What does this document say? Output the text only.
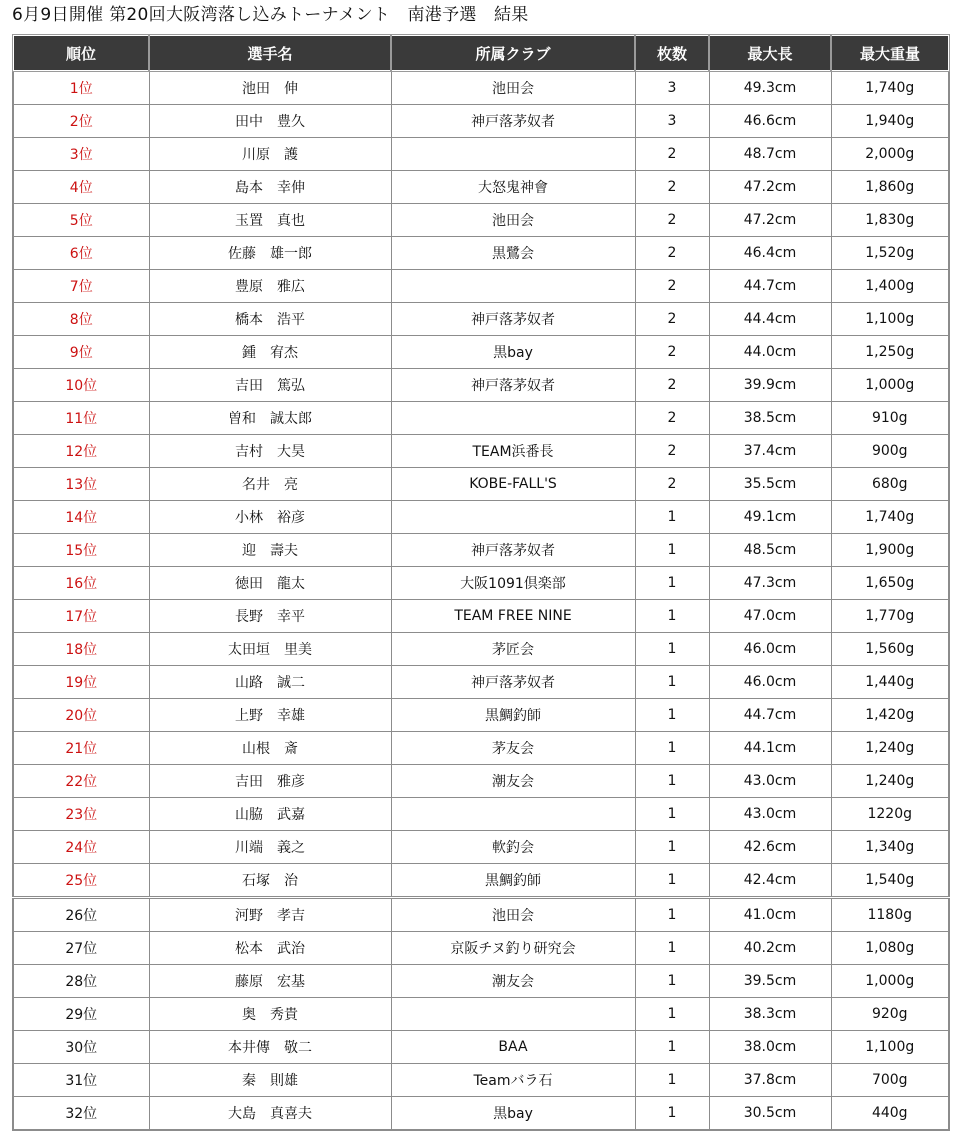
6月9日開催 第20回大阪湾落し込みトーナメント　南港予選　結果
順位	選手名	所属クラブ	枚数	最大長	最大重量
1位	池田　伸	池田会	3	49.3cm	1,740g
2位	田中　豊久	神戸落茅奴者	3	46.6cm	1,940g
3位	川原　護		2	48.7cm	2,000g
4位	島本　幸伸	大怒鬼神會	2	47.2cm	1,860g
5位	玉置　真也	池田会	2	47.2cm	1,830g
6位	佐藤　雄一郎	黒鷺会	2	46.4cm	1,520g
7位	豊原　雅広		2	44.7cm	1,400g
8位	橋本　浩平	神戸落茅奴者	2	44.4cm	1,100g
9位	鍾　宥杰	黒bay	2	44.0cm	1,250g
10位	吉田　篤弘	神戸落茅奴者	2	39.9cm	1,000g
11位	曽和　誠太郎		2	38.5cm	910g
12位	吉村　大昊	TEAM浜番長	2	37.4cm	900g
13位	名井　亮	KOBE-FALL'S	2	35.5cm	680g
14位	小林　裕彦		1	49.1cm	1,740g
15位	迎　壽夫	神戸落茅奴者	1	48.5cm	1,900g
16位	徳田　龍太	大阪1091倶楽部	1	47.3cm	1,650g
17位	長野　幸平	TEAM FREE NINE	1	47.0cm	1,770g
18位	太田垣　里美	茅匠会	1	46.0cm	1,560g
19位	山路　誠二	神戸落茅奴者	1	46.0cm	1,440g
20位	上野　幸雄	黒鯛釣師	1	44.7cm	1,420g
21位	山根　斎	茅友会	1	44.1cm	1,240g
22位	吉田　雅彦	潮友会	1	43.0cm	1,240g
23位	山脇　武嘉		1	43.0cm	1220g
24位	川端　義之	軟釣会	1	42.6cm	1,340g
25位	石塚　治	黒鯛釣師	1	42.4cm	1,540g
26位	河野　孝吉	池田会	1	41.0cm	1180g
27位	松本　武治	京阪チヌ釣り研究会	1	40.2cm	1,080g
28位	藤原　宏基	潮友会	1	39.5cm	1,000g
29位	奥　秀貴		1	38.3cm	920g
30位	本井傳　敬二	BAA	1	38.0cm	1,100g
31位	秦　則雄	Teamバラ石	1	37.8cm	700g
32位	大島　真喜夫	黒bay	1	30.5cm	440g
